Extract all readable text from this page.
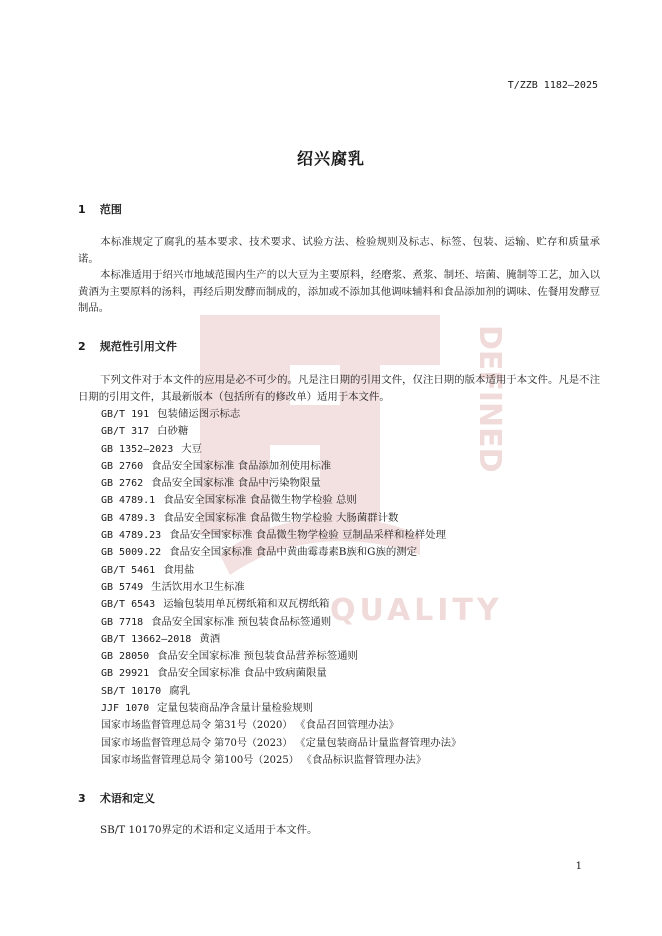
DEFINED
QUALITY
T/ZZB 1182—2025
绍兴腐乳
1 范围

本标准规定了腐乳的基本要求、技术要求、试验方法、检验规则及标志、标签、包装、运输、贮存和质量承诺。

本标准适用于绍兴市地域范围内生产的以大豆为主要原料，经磨浆、煮浆、制坯、培菌、腌制等工艺，加入以黄酒为主要原料的汤料，再经后期发酵而制成的，添加或不添加其他调味辅料和食品添加剂的调味、佐餐用发酵豆制品。

2 规范性引用文件

下列文件对于本文件的应用是必不可少的。凡是注日期的引用文件，仅注日期的版本适用于本文件。凡是不注日期的引用文件，其最新版本（包括所有的修改单）适用于本文件。

GB/T 191 包装储运图示标志
GB/T 317 白砂糖
GB 1352—2023 大豆
GB 2760 食品安全国家标准 食品添加剂使用标准
GB 2762 食品安全国家标准 食品中污染物限量
GB 4789.1 食品安全国家标准 食品微生物学检验 总则
GB 4789.3 食品安全国家标准 食品微生物学检验 大肠菌群计数
GB 4789.23 食品安全国家标准 食品微生物学检验 豆制品采样和检样处理
GB 5009.22 食品安全国家标准 食品中黄曲霉毒素B族和G族的测定
GB/T 5461 食用盐
GB 5749 生活饮用水卫生标准
GB/T 6543 运输包装用单瓦楞纸箱和双瓦楞纸箱
GB 7718 食品安全国家标准 预包装食品标签通则
GB/T 13662—2018 黄酒
GB 28050 食品安全国家标准 预包装食品营养标签通则
GB 29921 食品安全国家标准 食品中致病菌限量
SB/T 10170 腐乳
JJF 1070 定量包装商品净含量计量检验规则
国家市场监督管理总局令 第31号（2020） 《食品召回管理办法》
国家市场监督管理总局令 第70号（2023） 《定量包装商品计量监督管理办法》
国家市场监督管理总局令 第100号（2025） 《食品标识监督管理办法》
3 术语和定义

SB/T 10170界定的术语和定义适用于本文件。

1
